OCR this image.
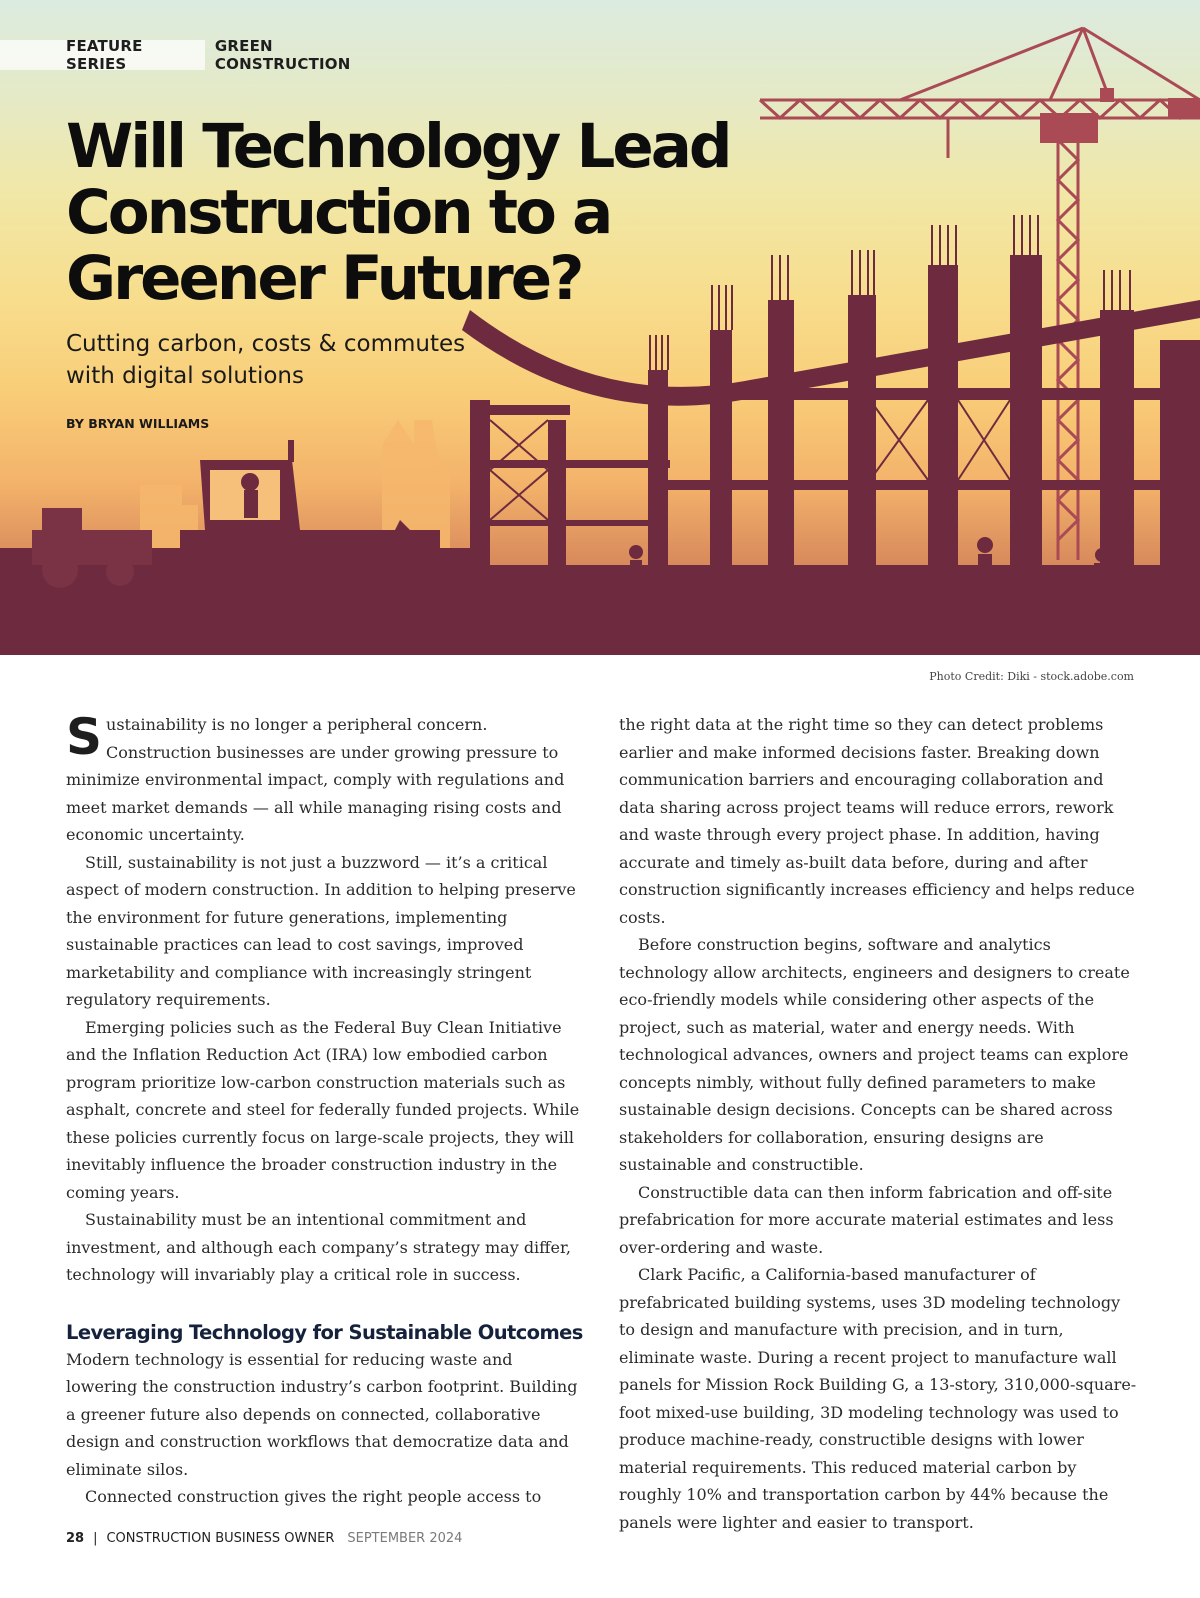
FEATURE SERIES
GREEN CONSTRUCTION
Will Technology Lead Construction to a Greener Future?

Cutting carbon, costs & commutes with digital solutions

BY BRYAN WILLIAMS

Photo Credit: Diki - stock.adobe.com

Sustainability is no longer a peripheral concern. Construction businesses are under growing pressure to minimize environmental impact, comply with regulations and meet market demands — all while managing rising costs and economic uncertainty.

Still, sustainability is not just a buzzword — it’s a critical aspect of modern construction. In addition to helping preserve the environment for future generations, implementing sustainable practices can lead to cost savings, improved marketability and compliance with increasingly stringent regulatory requirements.

Emerging policies such as the Federal Buy Clean Initiative and the Inflation Reduction Act (IRA) low embodied carbon program prioritize low-carbon construction materials such as asphalt, concrete and steel for federally funded projects. While these policies currently focus on large-scale projects, they will inevitably influence the broader construction industry in the coming years.

Sustainability must be an intentional commitment and investment, and although each company’s strategy may differ, technology will invariably play a critical role in success.

Leveraging Technology for Sustainable Outcomes

Modern technology is essential for reducing waste and lowering the construction industry’s carbon footprint. Building a greener future also depends on connected, collaborative design and construction workflows that democratize data and eliminate silos.

Connected construction gives the right people access to

the right data at the right time so they can detect problems earlier and make informed decisions faster. Breaking down communication barriers and encouraging collaboration and data sharing across project teams will reduce errors, rework and waste through every project phase. In addition, having accurate and timely as-built data before, during and after construction significantly increases efficiency and helps reduce costs.

Before construction begins, software and analytics technology allow architects, engineers and designers to create eco-friendly models while considering other aspects of the project, such as material, water and energy needs. With technological advances, owners and project teams can explore concepts nimbly, without fully defined parameters to make sustainable design decisions. Concepts can be shared across stakeholders for collaboration, ensuring designs are sustainable and constructible.

Constructible data can then inform fabrication and off-site prefabrication for more accurate material estimates and less over-ordering and waste.

Clark Pacific, a California-based manufacturer of prefabricated building systems, uses 3D modeling technology to design and manufacture with precision, and in turn, eliminate waste. During a recent project to manufacture wall panels for Mission Rock Building G, a 13-story, 310,000-square-foot mixed-use building, 3D modeling technology was used to produce machine-ready, constructible designs with lower material requirements. This reduced material carbon by roughly 10% and transportation carbon by 44% because the panels were lighter and easier to transport.

28 | CONSTRUCTION BUSINESS OWNER SEPTEMBER 2024
